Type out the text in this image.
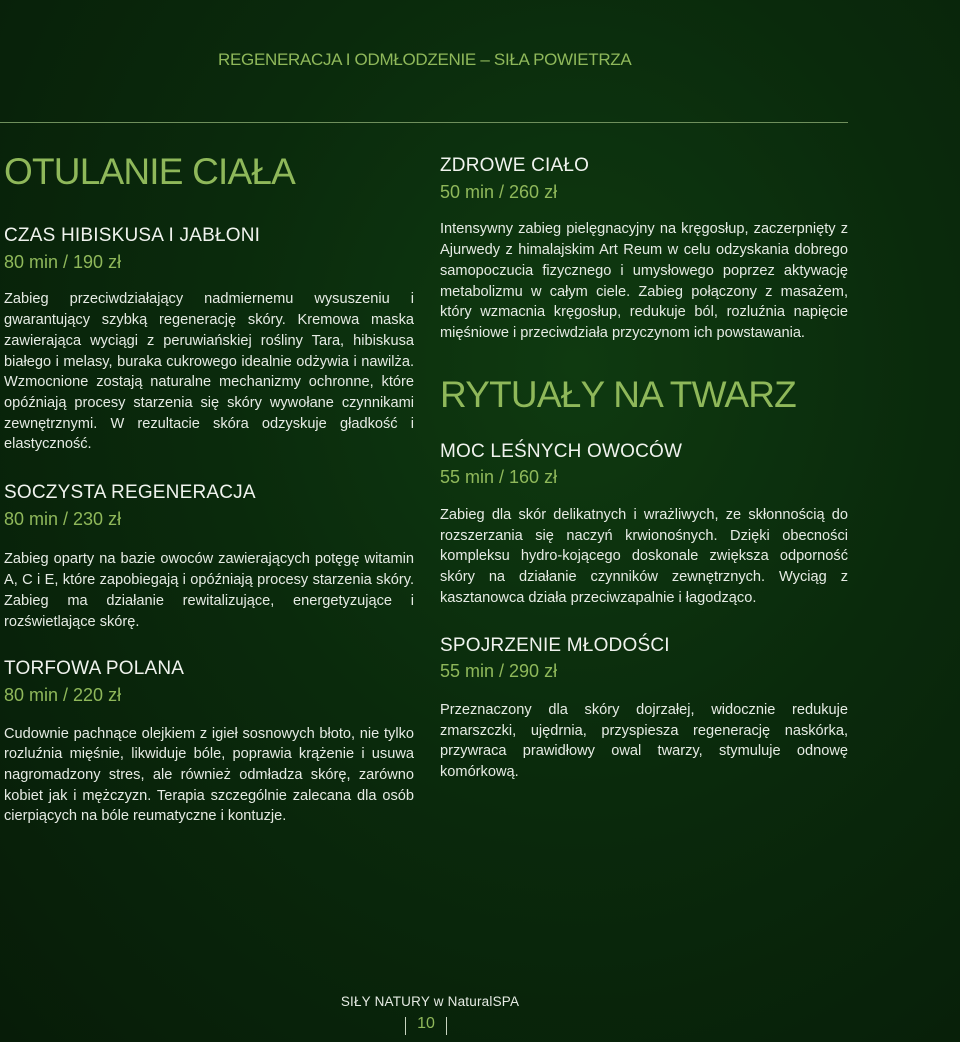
REGENERACJA I ODMŁODZENIE – SIŁA POWIETRZA
OTULANIE CIAŁA
CZAS HIBISKUSA I JABŁONI

80 min / 190 zł

Zabieg przeciwdziałający nadmiernemu wysuszeniu i gwarantujący szybką regenerację skóry. Kremowa maska zawierająca wyciągi z peruwiańskiej rośliny Tara, hibiskusa białego i melasy, buraka cukrowego idealnie odżywia i nawilża. Wzmocnione zostają naturalne mechanizmy ochronne, które opóźniają procesy starzenia się skóry wywołane czynnikami zewnętrznymi. W rezultacie skóra odzyskuje gładkość i elastyczność.

SOCZYSTA REGENERACJA

80 min / 230 zł

Zabieg oparty na bazie owoców zawierających potęgę witamin A, C i E, które zapobiegają i opóźniają procesy starzenia skóry. Zabieg ma działanie rewitalizujące, energetyzujące i rozświetlające skórę.

TORFOWA POLANA

80 min / 220 zł

Cudownie pachnące olejkiem z igieł sosnowych błoto, nie tylko rozluźnia mięśnie, likwiduje bóle, poprawia krążenie i usuwa nagromadzony stres, ale również odmładza skórę, zarówno kobiet jak i mężczyzn. Terapia szczególnie zalecana dla osób cierpiących na bóle reumatyczne i kontuzje.

ZDROWE CIAŁO

50 min / 260 zł

Intensywny zabieg pielęgnacyjny na kręgosłup, zaczerpnięty z Ajurwedy z himalajskim Art Reum w celu odzyskania dobrego samopoczucia fizycznego i umysłowego poprzez aktywację metabolizmu w całym ciele. Zabieg połączony z masażem, który wzmacnia kręgosłup, redukuje ból, rozluźnia napięcie mięśniowe i przeciwdziała przyczynom ich powstawania.

RYTUAŁY NA TWARZ
MOC LEŚNYCH OWOCÓW

55 min / 160 zł

Zabieg dla skór delikatnych i wrażliwych, ze skłonnością do rozszerzania się naczyń krwionośnych. Dzięki obecności kompleksu hydro-kojącego doskonale zwiększa odporność skóry na działanie czynników zewnętrznych. Wyciąg z kasztanowca działa przeciwzapalnie i łagodząco.

SPOJRZENIE MŁODOŚCI

55 min / 290 zł

Przeznaczony dla skóry dojrzałej, widocznie redukuje zmarszczki, ujędrnia, przyspiesza regenerację naskórka, przywraca prawidłowy owal twarzy, stymuluje odnowę komórkową.

SIŁY NATURY w NaturalSPA
10
